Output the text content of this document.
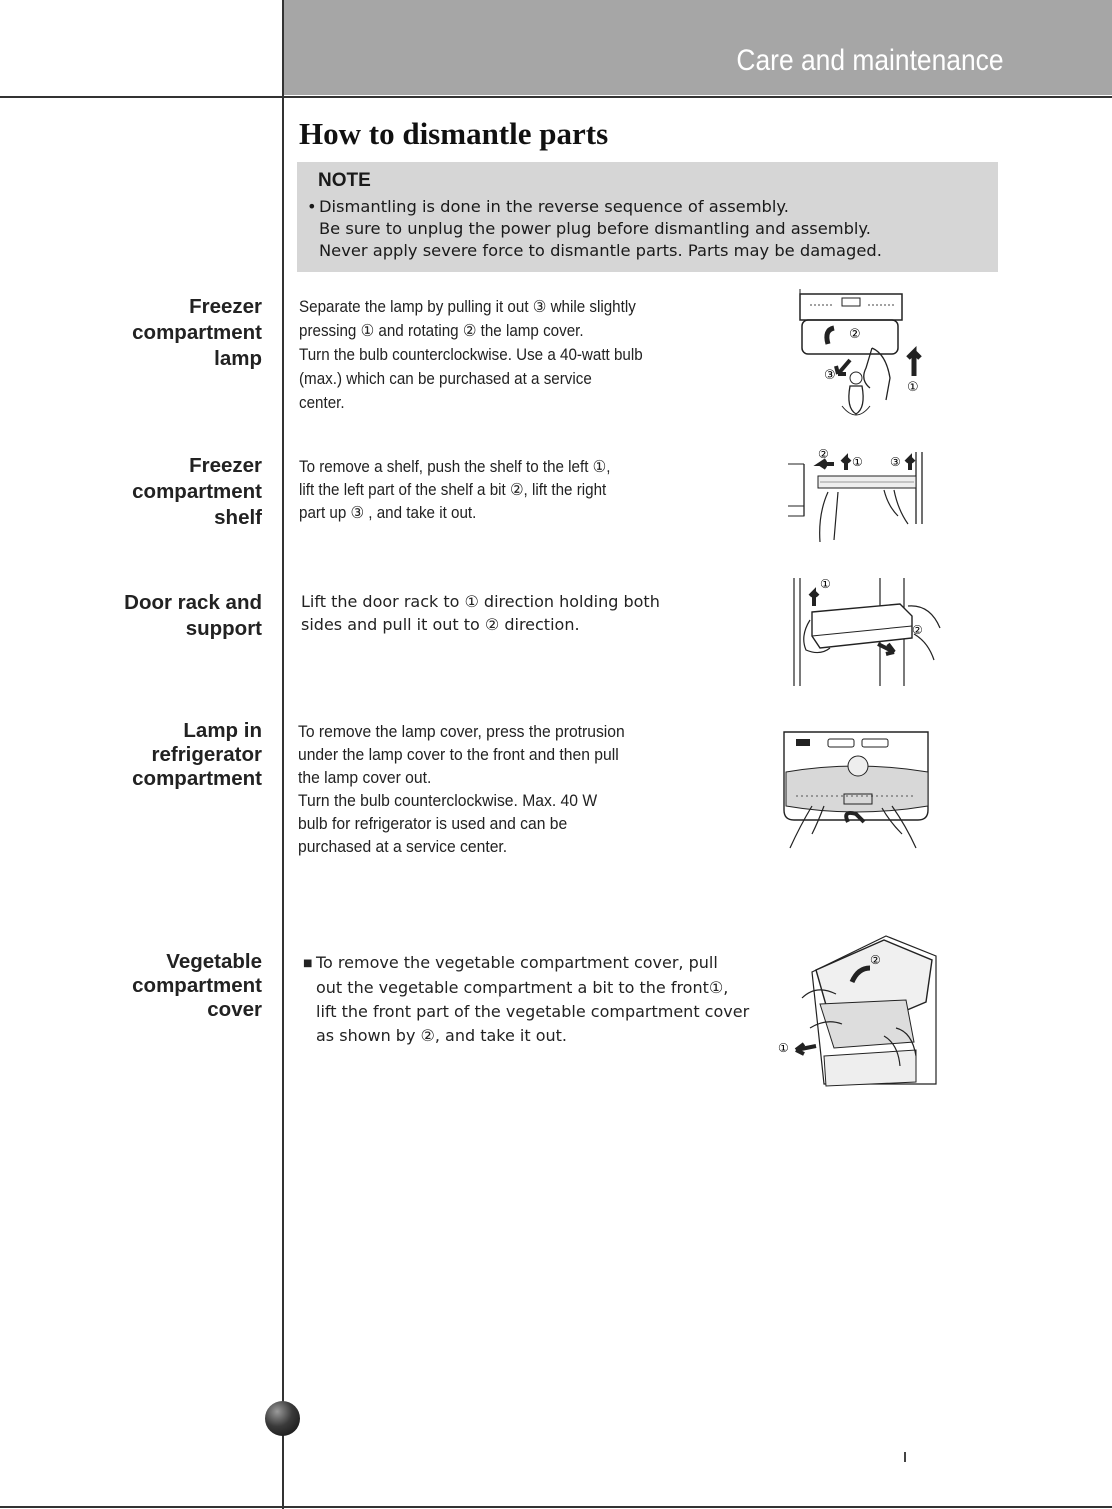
Care and maintenance
How to dismantle parts
NOTE
• Dismantling is done in the reverse sequence of assembly.
Be sure to unplug the power plug before dismantling and assembly.
Never apply severe force to dismantle parts. Parts may be damaged.
Freezer
compartment
lamp
Separate the lamp by pulling it out ③ while slightly
pressing ① and rotating ② the lamp cover.
Turn the bulb counterclockwise. Use a 40-watt bulb
(max.) which can be purchased at a service
center.
②
③
①
Freezer
compartment
shelf
To remove a shelf, push the shelf to the left ①,
lift the left part of the shelf a bit ②, lift the right
part up ③ , and take it out.
②
① ③
Door rack and
support
Lift the door rack to ① direction holding both
sides and pull it out to ② direction.
①
②
Lamp in
refrigerator
compartment
To remove the lamp cover, press the protrusion
under the lamp cover to the front and then pull
the lamp cover out.
Turn the bulb counterclockwise. Max. 40 W
bulb for refrigerator is used and can be
purchased at a service center.
Vegetable
compartment
cover
■ To remove the vegetable compartment cover, pull
out the vegetable compartment a bit to the front①,
lift the front part of the vegetable compartment cover
as shown by ②, and take it out.
②
①
